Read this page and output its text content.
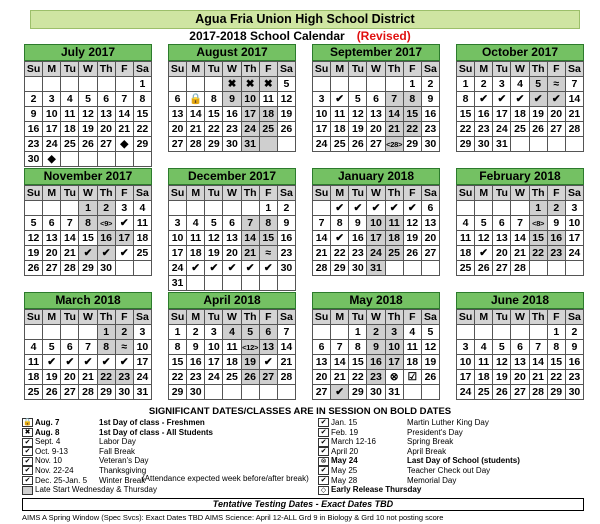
Agua Fria Union High School District
2017-2018 School Calendar (Revised)
July 2017
Su	M	Tu	W	Th	F	Sa
						1
2	3	4	5	6	7	8
9	10	11	12	13	14	15
16	17	18	19	20	21	22
23	24	25	26	27	◆	29
30	◆					
August 2017
Su	M	Tu	W	Th	F	Sa
			✖	✖	✖	5
6	🔒	8	9	10	11	12
13	14	15	16	17	18	19
20	21	22	23	24	25	26
27	28	29	30	31		
September 2017
Su	M	Tu	W	Th	F	Sa
					1	2
3	✔	5	6	7	8	9
10	11	12	13	14	15	16
17	18	19	20	21	22	23
24	25	26	27	<28>	29	30
October 2017
Su	M	Tu	W	Th	F	Sa
1	2	3	4	5	≈	7
8	✔	✔	✔	✔	✔	14
15	16	17	18	19	20	21
22	23	24	25	26	27	28
29	30	31				
November 2017
Su	M	Tu	W	Th	F	Sa
			1	2	3	4
5	6	7	8	<9>	✔	11
12	13	14	15	16	17	18
19	20	21	✔	✔	✔	25
26	27	28	29	30		
December 2017
Su	M	Tu	W	Th	F	Sa
					1	2
3	4	5	6	7	8	9
10	11	12	13	14	15	16
17	18	19	20	21	≈	23
24	✔	✔	✔	✔	✔	30
31						
January 2018
Su	M	Tu	W	Th	F	Sa
	✔	✔	✔	✔	✔	6
7	8	9	10	11	12	13
14	✔	16	17	18	19	20
21	22	23	24	25	26	27
28	29	30	31			
February 2018
Su	M	Tu	W	Th	F	Sa
				1	2	3
4	5	6	7	<8>	9	10
11	12	13	14	15	16	17
18	✔	20	21	22	23	24
25	26	27	28			
March 2018
Su	M	Tu	W	Th	F	Sa
				1	2	3
4	5	6	7	8	≈	10
11	✔	✔	✔	✔	✔	17
18	19	20	21	22	23	24
25	26	27	28	29	30	31
April 2018
Su	M	Tu	W	Th	F	Sa
1	2	3	4	5	6	7
8	9	10	11	<12>	13	14
15	16	17	18	19	✔	21
22	23	24	25	26	27	28
29	30					
May 2018
Su	M	Tu	W	Th	F	Sa
		1	2	3	4	5
6	7	8	9	10	11	12
13	14	15	16	17	18	19
20	21	22	23	⊗	☑	26
27	✔	29	30	31		
June 2018
Su	M	Tu	W	Th	F	Sa
					1	2
3	4	5	6	7	8	9
10	11	12	13	14	15	16
17	18	19	20	21	22	23
24	25	26	27	28	29	30
SIGNIFICANT DATES/CLASSES ARE IN SESSION ON BOLD DATES
(Attendance expected week before/after break)
🔒 Aug. 7	1st Day of class - Freshmen
✖ Aug. 8	1st Day of class - All Students
✔ Sept. 4	Labor Day
✔ Oct. 9-13	Fall Break
✔ Nov. 10	Veteran's Day
✔ Nov. 22-24	Thanksgiving
✔ Dec. 25-Jan. 5 Winter Break
Late Start Wednesday & Thursday
✔ Jan. 15	Martin Luther King Day
✔ Feb. 19	President's Day
✔ March 12-16	Spring Break
✔ April 20	April Break
⊗ May 24	Last Day of School (students)
✔ May 25	Teacher Check out Day
✔ May 28	Memorial Day
◇ Early Release Thursday
Tentative Testing Dates - Exact Dates TBD
AIMS A Spring Window (Spec Svcs): Exact Dates TBD AIMS Science: April 12-ALL Grd 9 in Biology & Grd 10 not posting score
